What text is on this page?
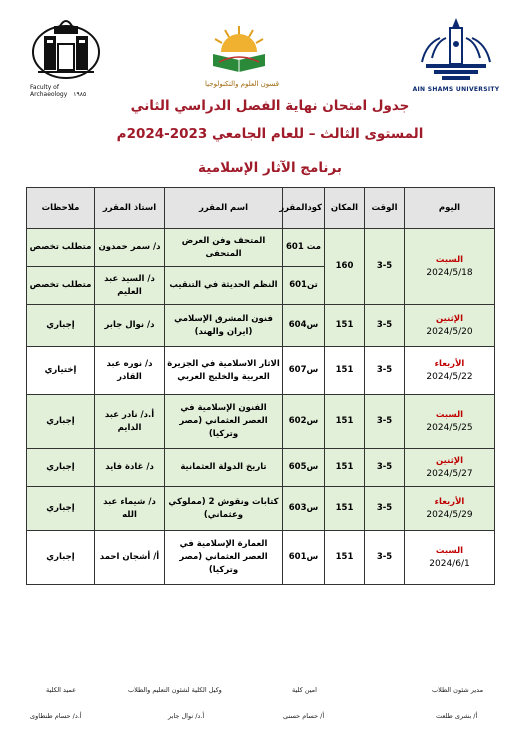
Faculty of
Archaeology ١٩٨٥
قسون العلوم والتكنولوجيا
AIN SHAMS UNIVERSITY
جدول امتحان نهاية الفصل الدراسي الثاني
المستوى الثالث – للعام الجامعي 2023-2024م
برنامج الآثار الإسلامية
اليوم	الوقت	المكان	كودالمقرر	اسم المقرر	استاذ المقرر	ملاحظات

السبت
2024/5/18	3-5	160	مت 601	المتحف وفن العرض المتحفى	د/ سمر حمدون	متطلب تخصص
			تن601	النظم الحديثة في التنقيب	د/ السيد عبد العليم	متطلب تخصص

الإثنين
2024/5/20	3-5	151	س604	فنون المشرق الإسلامي (ايران والهند)	د/ نوال جابر	إجباري

الأربعاء
2024/5/22	3-5	151	س607	الاثار الاسلامية في الجزيرة العربية والخليج العربي	د/ نوره عبد القادر	إختياري

السبت
2024/5/25	3-5	151	س602	الفنون الإسلامية في العصر العثماني (مصر وتركيا)	أ.د/ نادر عبد الدايم	إجباري

الإثنين
2024/5/27	3-5	151	س605	تاريخ الدولة العثمانية	د/ غادة فايد	إجباري

الأربعاء
2024/5/29	3-5	151	س603	كتابات ونقوش 2 (مملوكي وعثماني)	د/ شيماء عبد الله	إجباري

السبت
2024/6/1	3-5	151	س601	العمارة الإسلامية في العصر العثماني (مصر وتركيا)	أ/ أشجان احمد	إجباري
عميد الكلية
أ.د/ حسام طنطاوى
وكيل الكلية لشئون التعليم والطلاب
أ.د/ نوال جابر
امين كلية
أ/ حسام حسنى
مدير شئون الطلاب
أ/ بشرى طلعت
